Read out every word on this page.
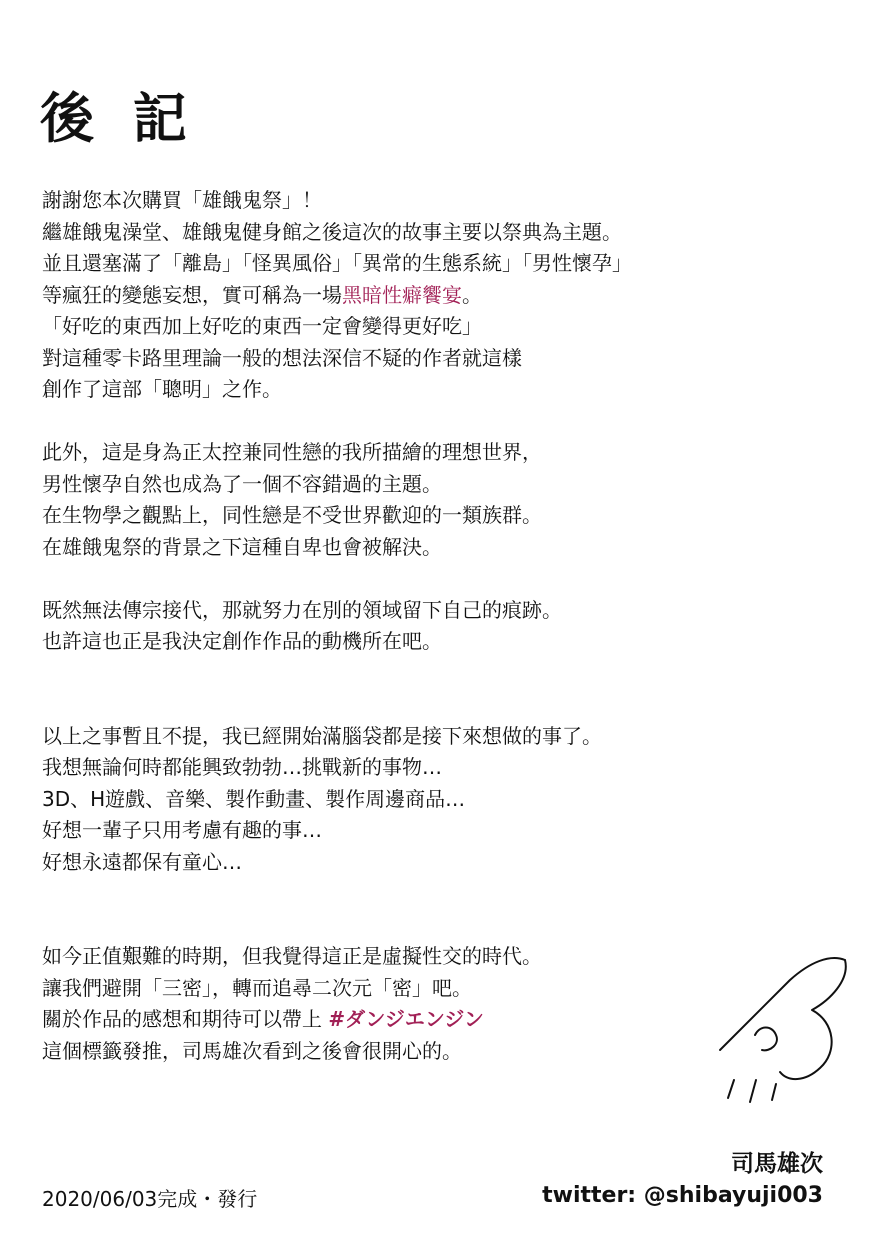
後 記
謝謝您本次購買「雄餓鬼祭」！
繼雄餓鬼澡堂、雄餓鬼健身館之後這次的故事主要以祭典為主題。
並且還塞滿了「離島」「怪異風俗」「異常的生態系統」「男性懷孕」
等瘋狂的變態妄想，實可稱為一場黑暗性癖饗宴。
「好吃的東西加上好吃的東西一定會變得更好吃」
對這種零卡路里理論一般的想法深信不疑的作者就這樣
創作了這部「聰明」之作。
此外，這是身為正太控兼同性戀的我所描繪的理想世界，
男性懷孕自然也成為了一個不容錯過的主題。
在生物學之觀點上，同性戀是不受世界歡迎的一類族群。
在雄餓鬼祭的背景之下這種自卑也會被解決。
既然無法傳宗接代，那就努力在別的領域留下自己的痕跡。
也許這也正是我決定創作作品的動機所在吧。
以上之事暫且不提，我已經開始滿腦袋都是接下來想做的事了。
我想無論何時都能興致勃勃…挑戰新的事物…
3D、H遊戲、音樂、製作動畫、製作周邊商品…
好想一輩子只用考慮有趣的事…
好想永遠都保有童心…
如今正值艱難的時期，但我覺得這正是虛擬性交的時代。
讓我們避開「三密」，轉而追尋二次元「密」吧。
關於作品的感想和期待可以帶上 #ダンジエンジン
這個標籤發推，司馬雄次看到之後會很開心的。
2020/06/03完成・發行
司馬雄次
twitter: @shibayuji003
